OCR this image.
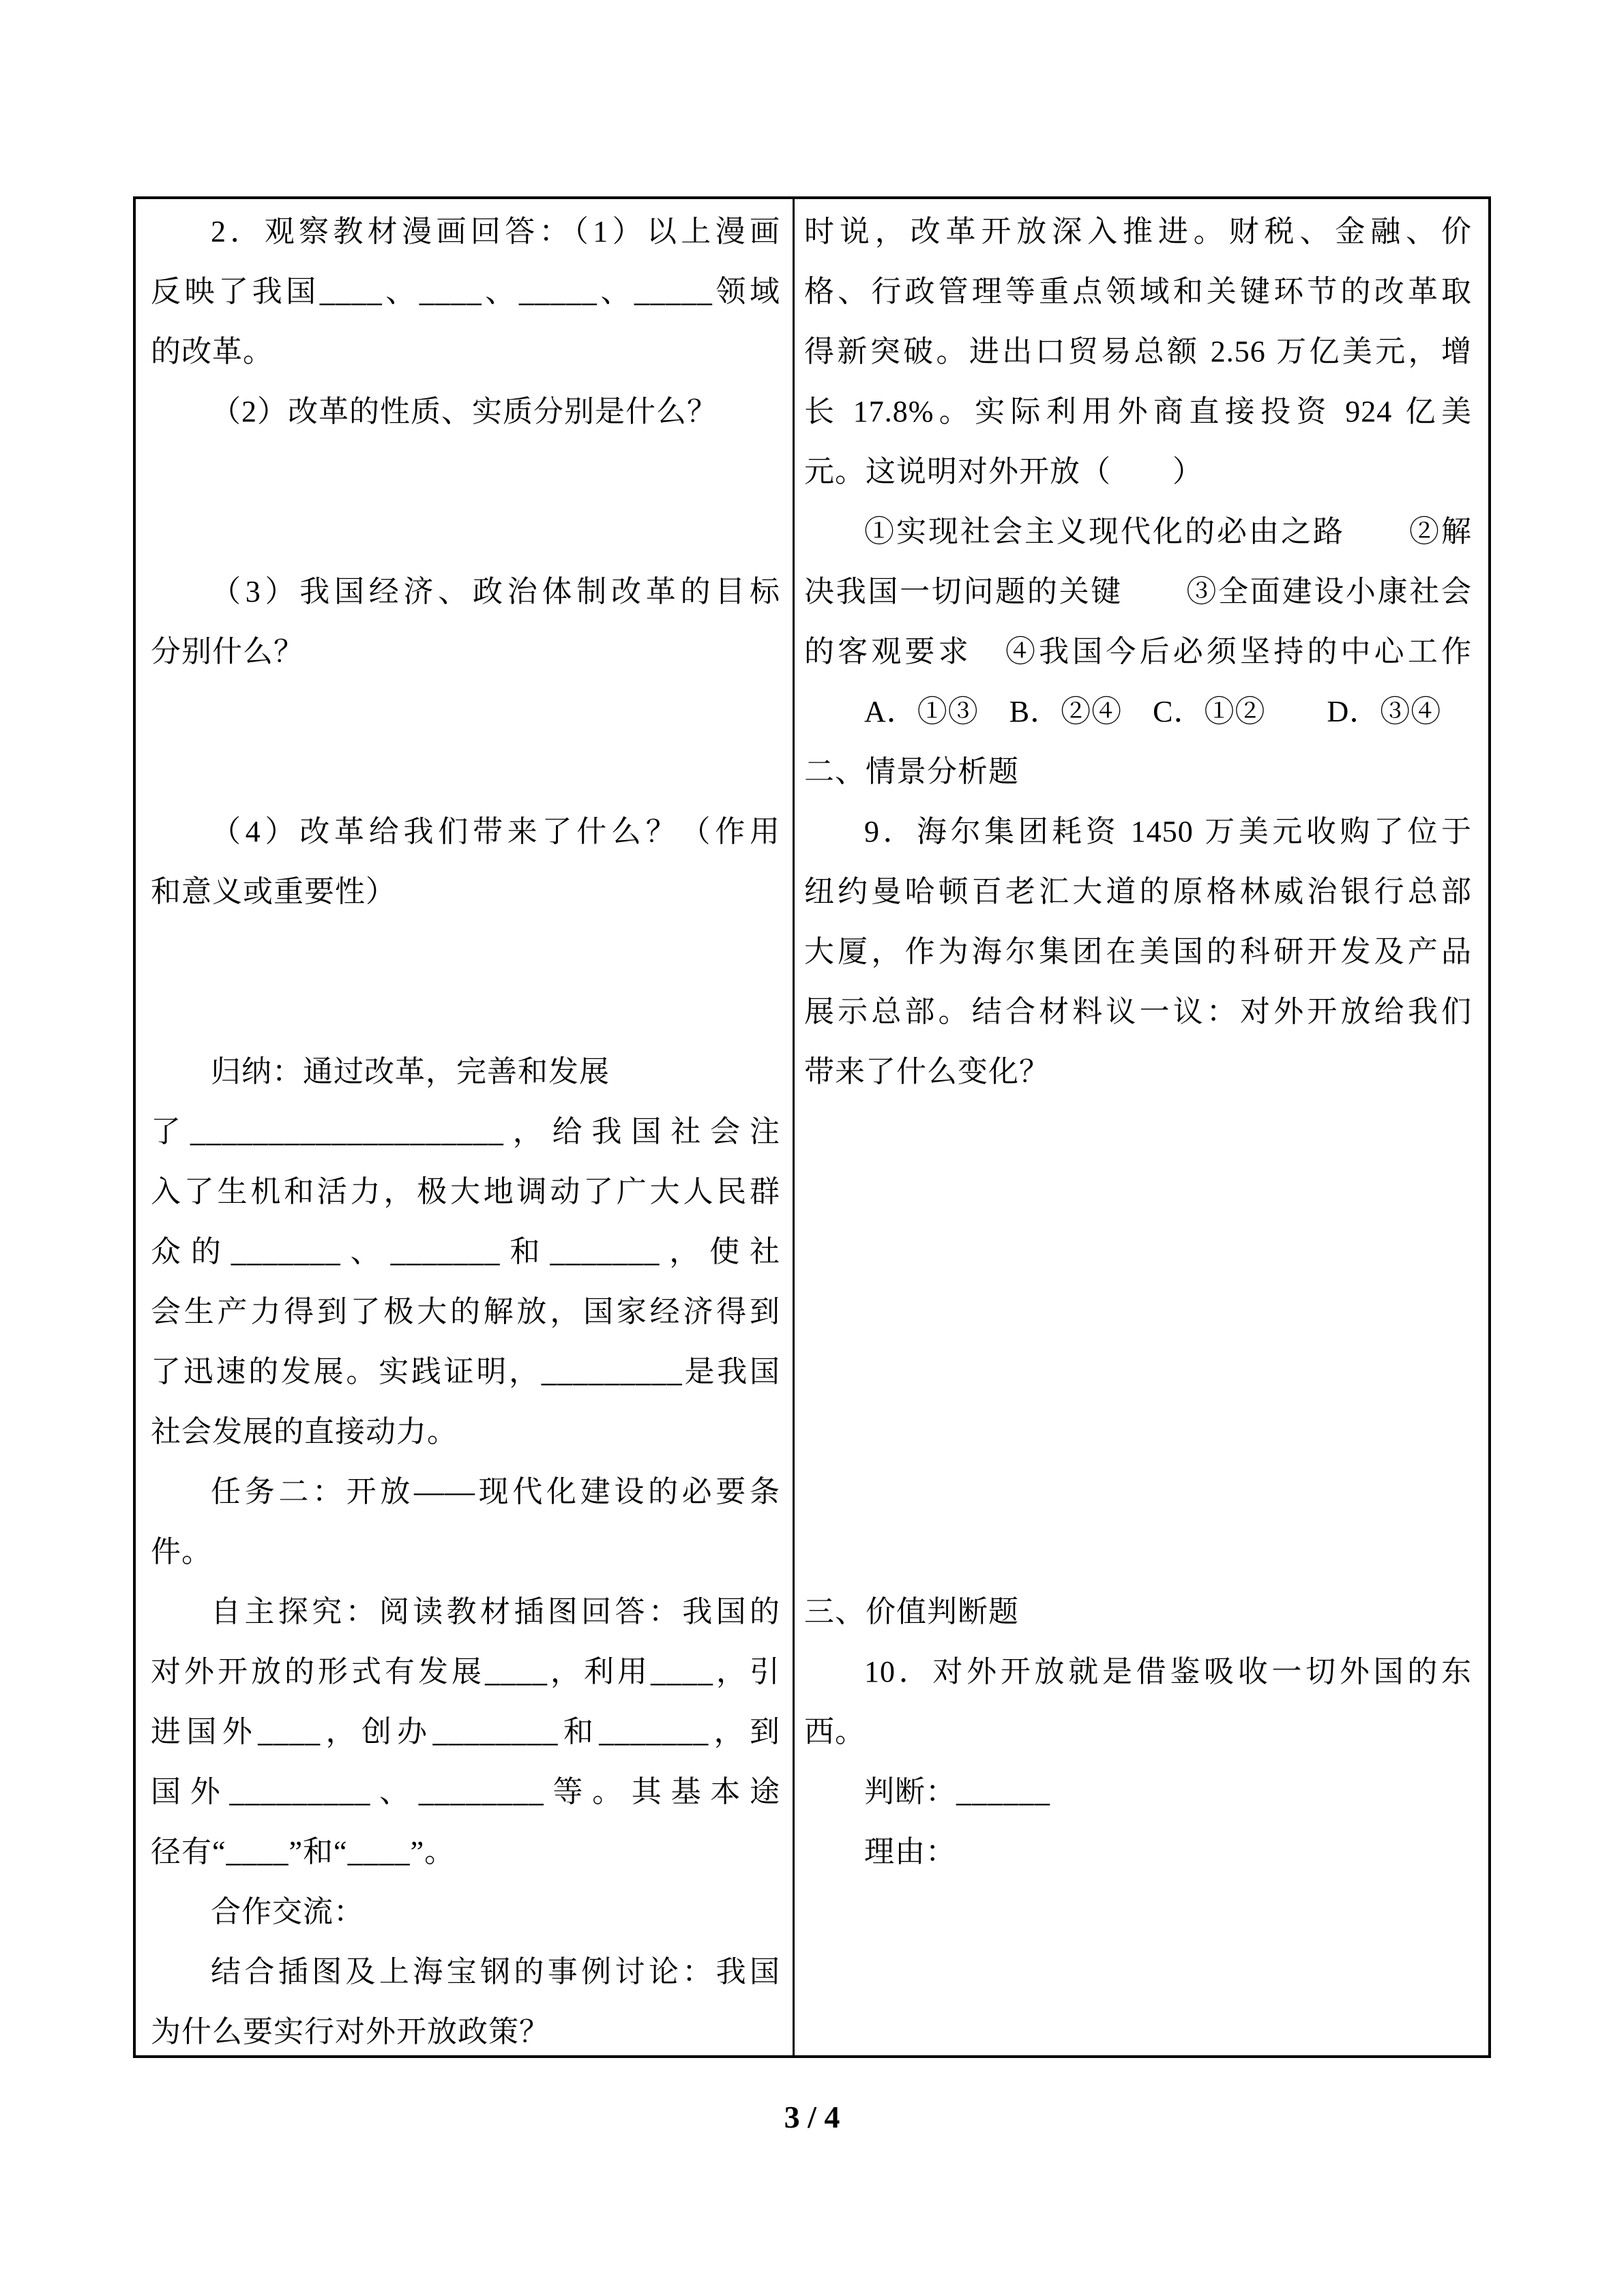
2．观察教材漫画回答：（1）以上漫画
反映了我国____、____、_____、_____领域
的改革。
（2）改革的性质、实质分别是什么？
（3）我国经济、政治体制改革的目标
分别什么？
（4）改革给我们带来了什么？（作用
和意义或重要性）
归纳：通过改革，完善和发展
了____________________，给我国社会注
入了生机和活力，极大地调动了广大人民群
众的_______、_______和_______，使社
会生产力得到了极大的解放，国家经济得到
了迅速的发展。实践证明，_________是我国
社会发展的直接动力。
任务二：开放——现代化建设的必要条
件。
自主探究：阅读教材插图回答：我国的
对外开放的形式有发展____，利用____，引
进国外____，创办________和_______，到
国外_________、________等。其基本途
径有“____”和“____”。
合作交流：
结合插图及上海宝钢的事例讨论：我国
为什么要实行对外开放政策？
时说，改革开放深入推进。财税、金融、价
格、行政管理等重点领域和关键环节的改革取
得新突破。进出口贸易总额 2.56 万亿美元，增
长 17.8%。实际利用外商直接投资 924 亿美
元。这说明对外开放（　　）
①实现社会主义现代化的必由之路　　②解
决我国一切问题的关键　　③全面建设小康社会
的客观要求　④我国今后必须坚持的中心工作
A．①③　B．②④　C．①②　　D．③④
二、情景分析题
9．海尔集团耗资 1450 万美元收购了位于
纽约曼哈顿百老汇大道的原格林威治银行总部
大厦，作为海尔集团在美国的科研开发及产品
展示总部。结合材料议一议：对外开放给我们
带来了什么变化？
三、价值判断题
10．对外开放就是借鉴吸收一切外国的东
西。
判断：______
理由：
3 / 4
